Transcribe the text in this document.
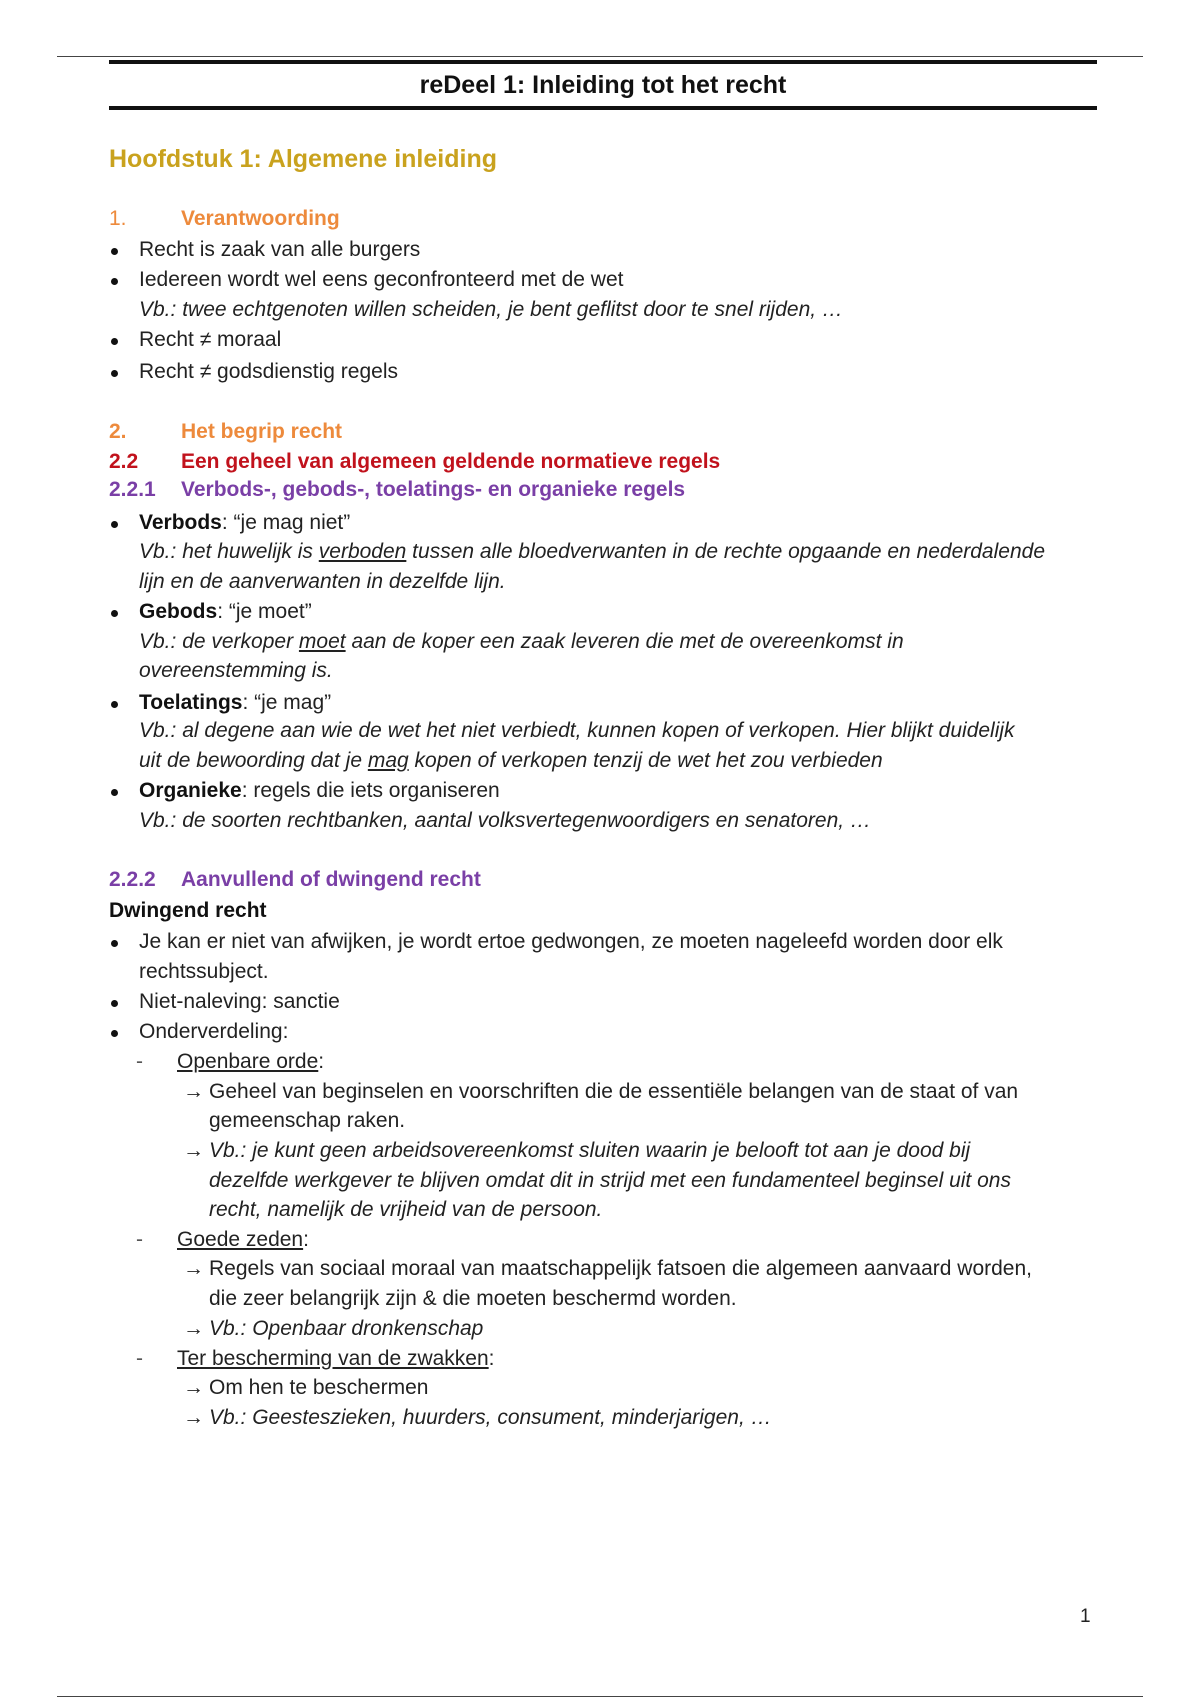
reDeel 1: Inleiding tot het recht
Hoofdstuk 1: Algemene inleiding
1.	Verantwoording
Recht is zaak van alle burgers
Iedereen wordt wel eens geconfronteerd met de wet
Vb.: twee echtgenoten willen scheiden, je bent geflitst door te snel rijden, …
Recht ≠ moraal
Recht ≠ godsdienstig regels
2.	Het begrip recht
2.2 Een geheel van algemeen geldende normatieve regels
2.2.1 Verbods-, gebods-, toelatings- en organieke regels
Verbods: “je mag niet”
Vb.: het huwelijk is verboden tussen alle bloedverwanten in de rechte opgaande en nederdalende
lijn en de aanverwanten in dezelfde lijn.
Gebods: “je moet”
Vb.: de verkoper moet aan de koper een zaak leveren die met de overeenkomst in
overeenstemming is.
Toelatings: “je mag”
Vb.: al degene aan wie de wet het niet verbiedt, kunnen kopen of verkopen. Hier blijkt duidelijk
uit de bewoording dat je mag kopen of verkopen tenzij de wet het zou verbieden
Organieke: regels die iets organiseren
Vb.: de soorten rechtbanken, aantal volksvertegenwoordigers en senatoren, …
2.2.2 Aanvullend of dwingend recht
Dwingend recht
Je kan er niet van afwijken, je wordt ertoe gedwongen, ze moeten nageleefd worden door elk
rechtssubject.
Niet-naleving: sanctie
Onderverdeling:
- Openbare orde:
→ Geheel van beginselen en voorschriften die de essentiële belangen van de staat of van
gemeenschap raken.
→ Vb.: je kunt geen arbeidsovereenkomst sluiten waarin je belooft tot aan je dood bij
dezelfde werkgever te blijven omdat dit in strijd met een fundamenteel beginsel uit ons
recht, namelijk de vrijheid van de persoon.
- Goede zeden:
→ Regels van sociaal moraal van maatschappelijk fatsoen die algemeen aanvaard worden,
die zeer belangrijk zijn & die moeten beschermd worden.
→ Vb.: Openbaar dronkenschap
- Ter bescherming van de zwakken:
→ Om hen te beschermen
→ Vb.: Geesteszieken, huurders, consument, minderjarigen, …
1
